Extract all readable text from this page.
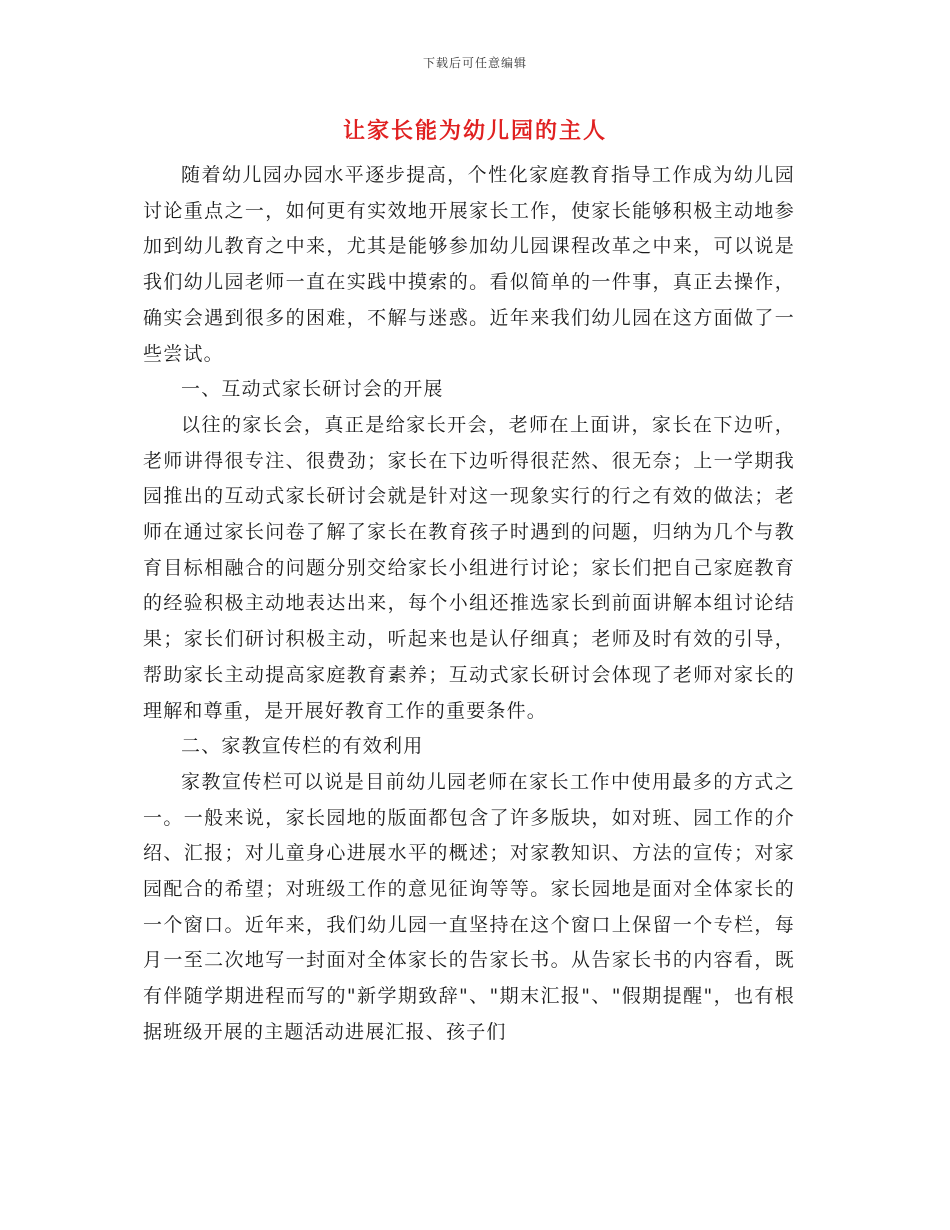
下载后可任意编辑
让家长能为幼儿园的主人

随着幼儿园办园水平逐步提高，个性化家庭教育指导工作成为幼儿园讨论重点之一，如何更有实效地开展家长工作，使家长能够积极主动地参加到幼儿教育之中来，尤其是能够参加幼儿园课程改革之中来，可以说是我们幼儿园老师一直在实践中摸索的。看似简单的一件事，真正去操作，确实会遇到很多的困难，不解与迷惑。近年来我们幼儿园在这方面做了一些尝试。

一、互动式家长研讨会的开展

以往的家长会，真正是给家长开会，老师在上面讲，家长在下边听，老师讲得很专注、很费劲；家长在下边听得很茫然、很无奈；上一学期我园推出的互动式家长研讨会就是针对这一现象实行的行之有效的做法；老师在通过家长问卷了解了家长在教育孩子时遇到的问题，归纳为几个与教育目标相融合的问题分别交给家长小组进行讨论；家长们把自己家庭教育的经验积极主动地表达出来，每个小组还推选家长到前面讲解本组讨论结果；家长们研讨积极主动，听起来也是认仔细真；老师及时有效的引导，帮助家长主动提高家庭教育素养；互动式家长研讨会体现了老师对家长的理解和尊重，是开展好教育工作的重要条件。

二、家教宣传栏的有效利用

家教宣传栏可以说是目前幼儿园老师在家长工作中使用最多的方式之一。一般来说，家长园地的版面都包含了许多版块，如对班、园工作的介绍、汇报；对儿童身心进展水平的概述；对家教知识、方法的宣传；对家园配合的希望；对班级工作的意见征询等等。家长园地是面对全体家长的一个窗口。近年来，我们幼儿园一直坚持在这个窗口上保留一个专栏，每月一至二次地写一封面对全体家长的告家长书。从告家长书的内容看，既有伴随学期进程而写的"新学期致辞"、"期末汇报"、"假期提醒"，也有根据班级开展的主题活动进展汇报、孩子们
